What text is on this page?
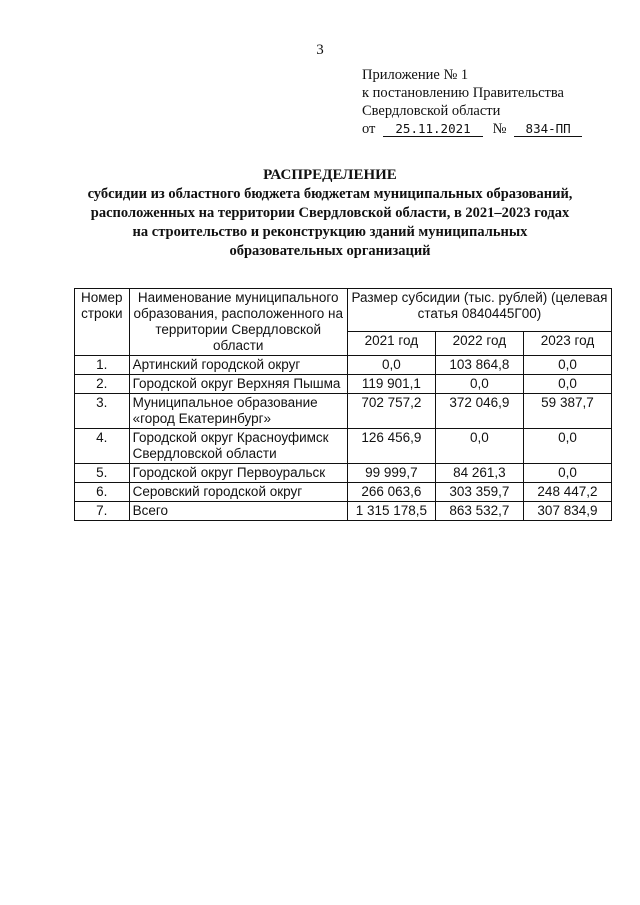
3
Приложение № 1
к постановлению Правительства
Свердловской области
от 25.11.2021 № 834-ПП
РАСПРЕДЕЛЕНИЕ
субсидии из областного бюджета бюджетам муниципальных образований,
расположенных на территории Свердловской области, в 2021–2023 годах
на строительство и реконструкцию зданий муниципальных
образовательных организаций
Номер строки	Наименование муниципального образования, расположенного на территории Свердловской области	Размер субсидии (тыс. рублей) (целевая статья 0840445Г00)		
		2021 год	2022 год	2023 год
1.	Артинский городской округ	0,0	103 864,8	0,0
2.	Городской округ Верхняя Пышма	119 901,1	0,0	0,0
3.	Муниципальное образование «город Екатеринбург»	702 757,2	372 046,9	59 387,7
4.	Городской округ Красноуфимск Свердловской области	126 456,9	0,0	0,0
5.	Городской округ Первоуральск	99 999,7	84 261,3	0,0
6.	Серовский городской округ	266 063,6	303 359,7	248 447,2
7.	Всего	1 315 178,5	863 532,7	307 834,9
